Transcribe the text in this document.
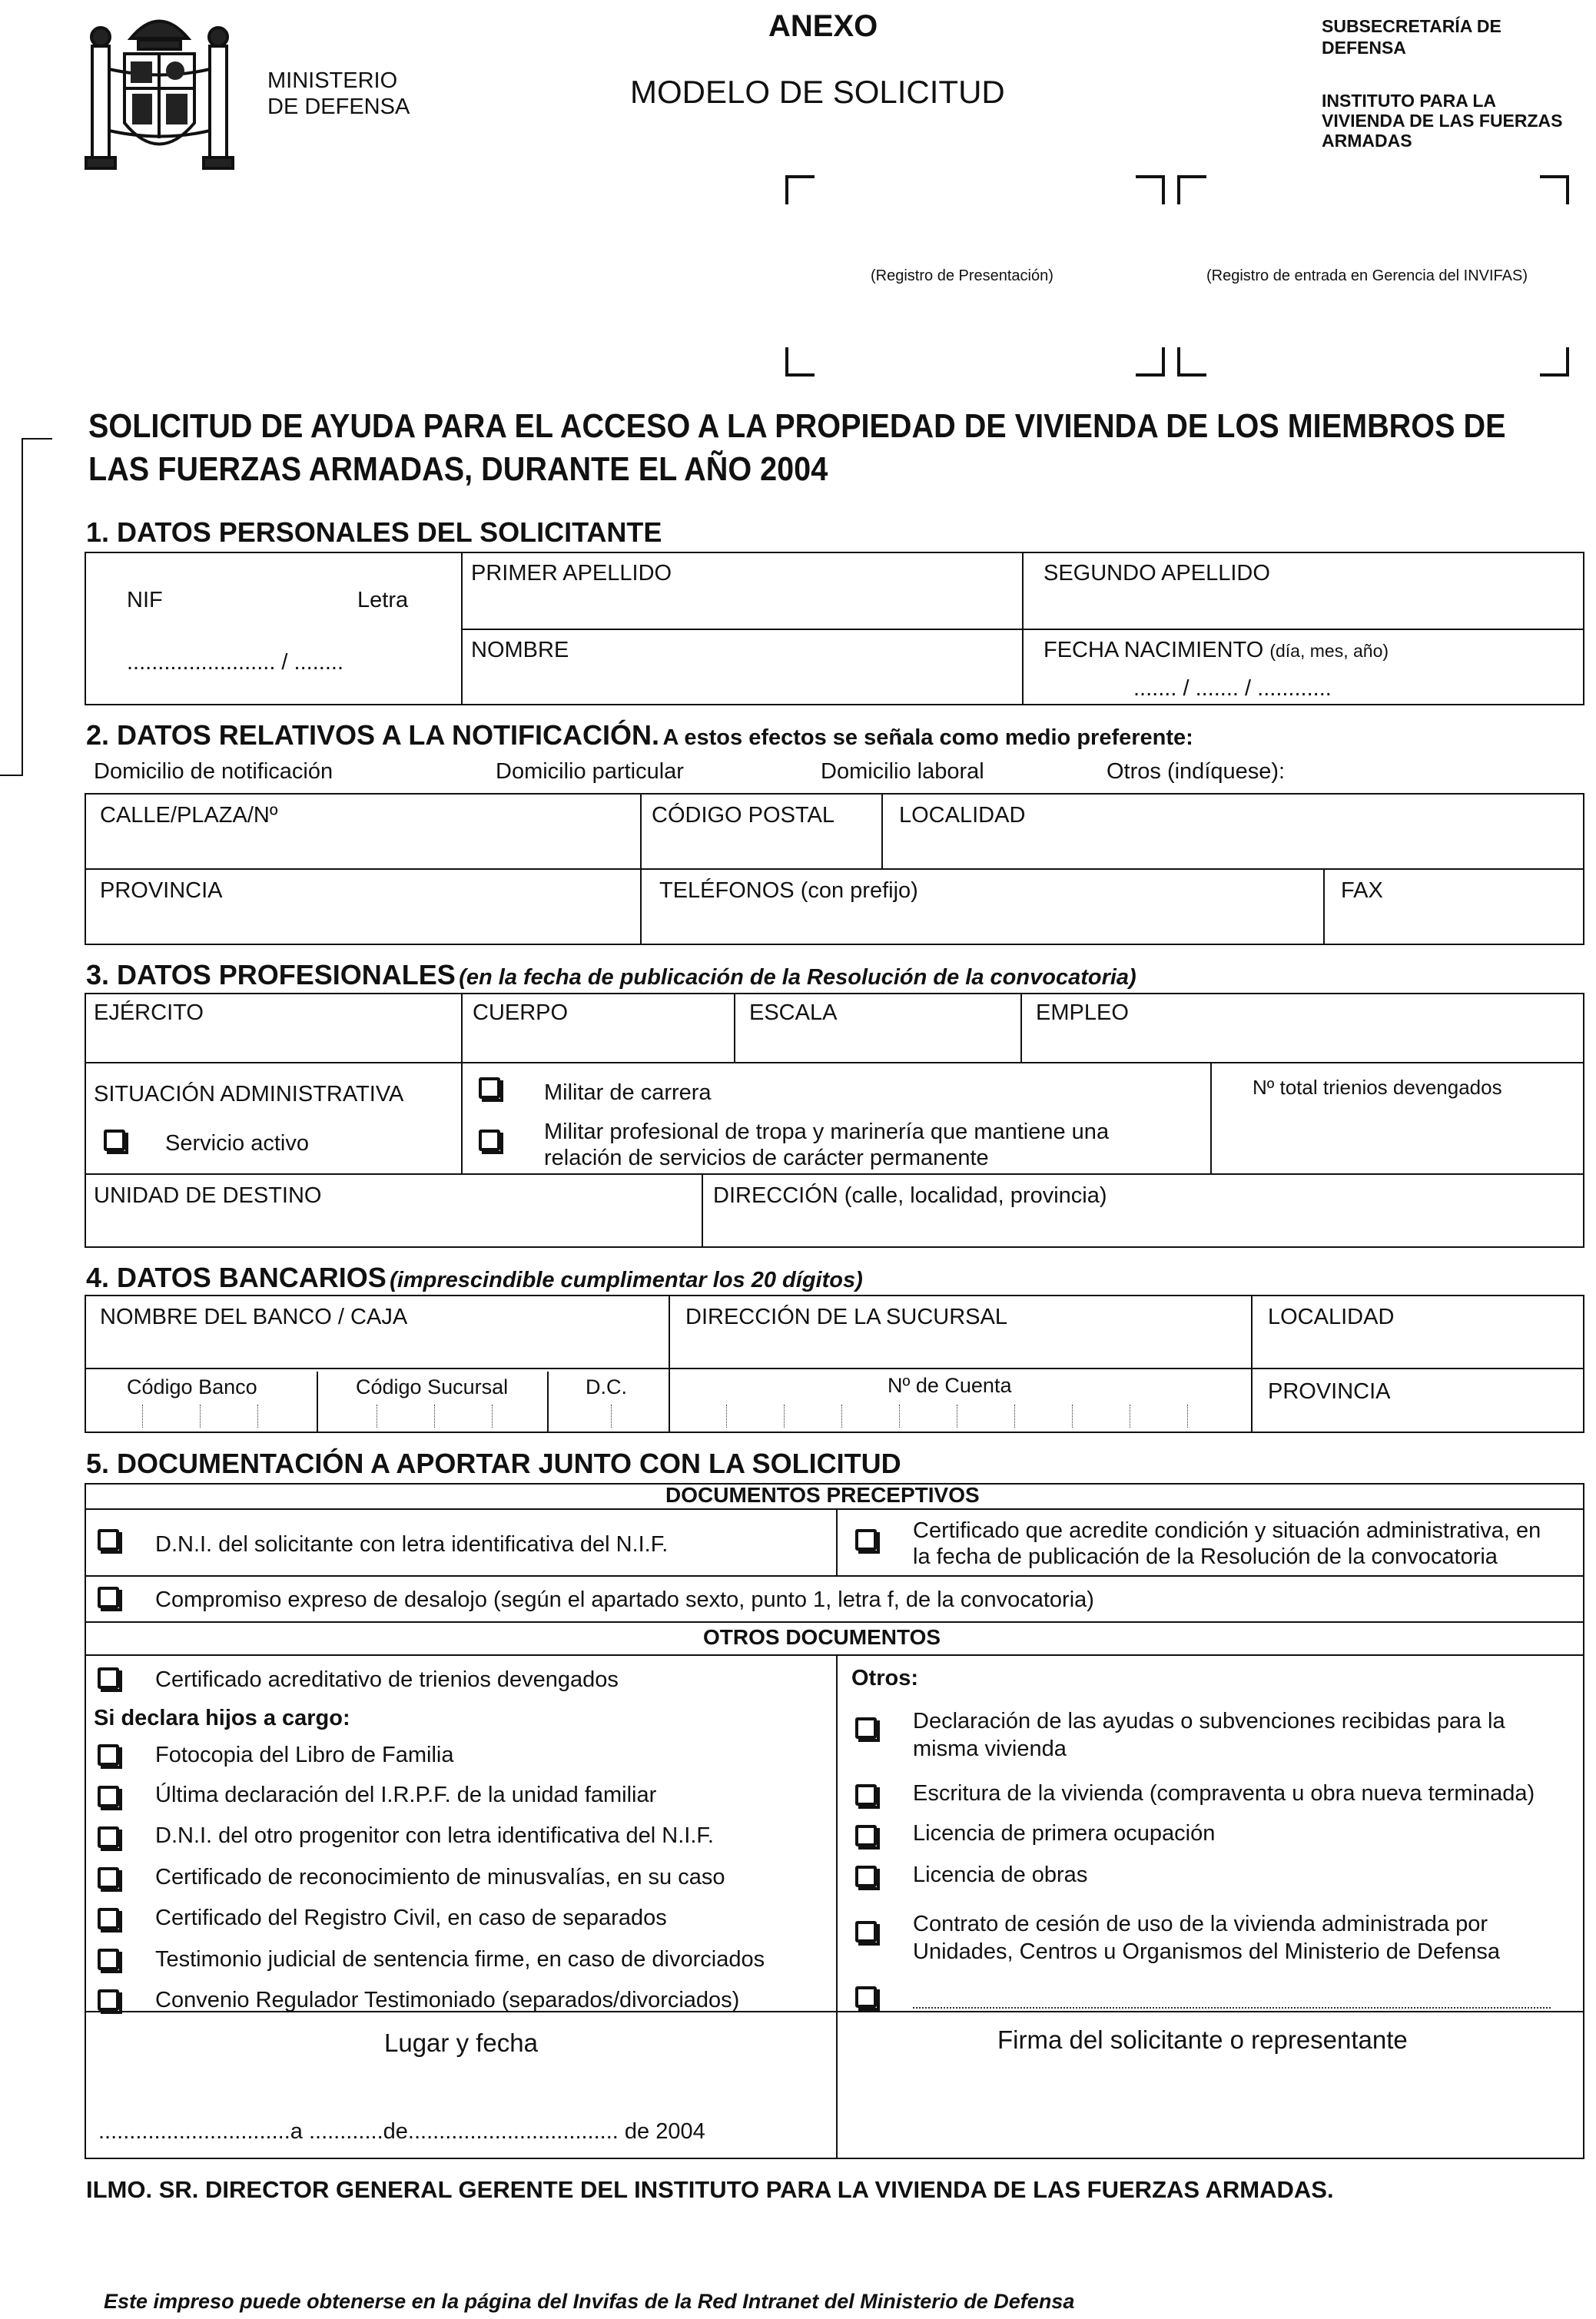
MINISTERIO
DE DEFENSA
ANEXO
MODELO DE SOLICITUD
SUBSECRETARÍA DE
DEFENSA
INSTITUTO PARA LA
VIVIENDA DE LAS FUERZAS
ARMADAS
(Registro de Presentación)	(Registro de entrada en Gerencia del INVIFAS)
SOLICITUD DE AYUDA PARA EL ACCESO A LA PROPIEDAD DE VIVIENDA DE LOS MIEMBROS DE
LAS FUERZAS ARMADAS, DURANTE EL AÑO 2004
1. DATOS PERSONALES DEL SOLICITANTE
NIF	Letra
........................ / ........
PRIMER APELLIDO	SEGUNDO APELLIDO
NOMBRE	FECHA NACIMIENTO (día, mes, año)
....... / ....... / ............
2. DATOS RELATIVOS A LA NOTIFICACIÓN. A estos efectos se señala como medio preferente:
Domicilio de notificación	Domicilio particular	Domicilio laboral	Otros (indíquese):
CALLE/PLAZA/Nº	CÓDIGO POSTAL	LOCALIDAD
PROVINCIA	TELÉFONOS (con prefijo)	FAX
3. DATOS PROFESIONALES (en la fecha de publicación de la Resolución de la convocatoria)
EJÉRCITO	CUERPO	ESCALA	EMPLEO
SITUACIÓN ADMINISTRATIVA
Servicio activo
Militar de carrera
Militar profesional de tropa y marinería que mantiene una
relación de servicios de carácter permanente
Nº total trienios devengados
UNIDAD DE DESTINO	DIRECCIÓN (calle, localidad, provincia)
4. DATOS BANCARIOS (imprescindible cumplimentar los 20 dígitos)
NOMBRE DEL BANCO / CAJA	DIRECCIÓN DE LA SUCURSAL	LOCALIDAD
Código Banco	Código Sucursal	D.C.	Nº de Cuenta	PROVINCIA
5. DOCUMENTACIÓN A APORTAR JUNTO CON LA SOLICITUD
DOCUMENTOS PRECEPTIVOS
OTROS DOCUMENTOS
D.N.I. del solicitante con letra identificativa del N.I.F.
Certificado que acredite condición y situación administrativa, en
la fecha de publicación de la Resolución de la convocatoria
Compromiso expreso de desalojo (según el apartado sexto, punto 1, letra f, de la convocatoria)
Certificado acreditativo de trienios devengados
Si declara hijos a cargo:
Fotocopia del Libro de Familia
Última declaración del I.R.P.F. de la unidad familiar
D.N.I. del otro progenitor con letra identificativa del N.I.F.
Certificado de reconocimiento de minusvalías, en su caso
Certificado del Registro Civil, en caso de separados
Testimonio judicial de sentencia firme, en caso de divorciados
Convenio Regulador Testimoniado (separados/divorciados)
Otros:
Declaración de las ayudas o subvenciones recibidas para la
misma vivienda
Escritura de la vivienda (compraventa u obra nueva terminada)
Licencia de primera ocupación
Licencia de obras
Contrato de cesión de uso de la vivienda administrada por
Unidades, Centros u Organismos del Ministerio de Defensa
Lugar y fecha
...............................a ............de.................................. de 2004
Firma del solicitante o representante
ILMO. SR. DIRECTOR GENERAL GERENTE DEL INSTITUTO PARA LA VIVIENDA DE LAS FUERZAS ARMADAS.
Este impreso puede obtenerse en la página del Invifas de la Red Intranet del Ministerio de Defensa
